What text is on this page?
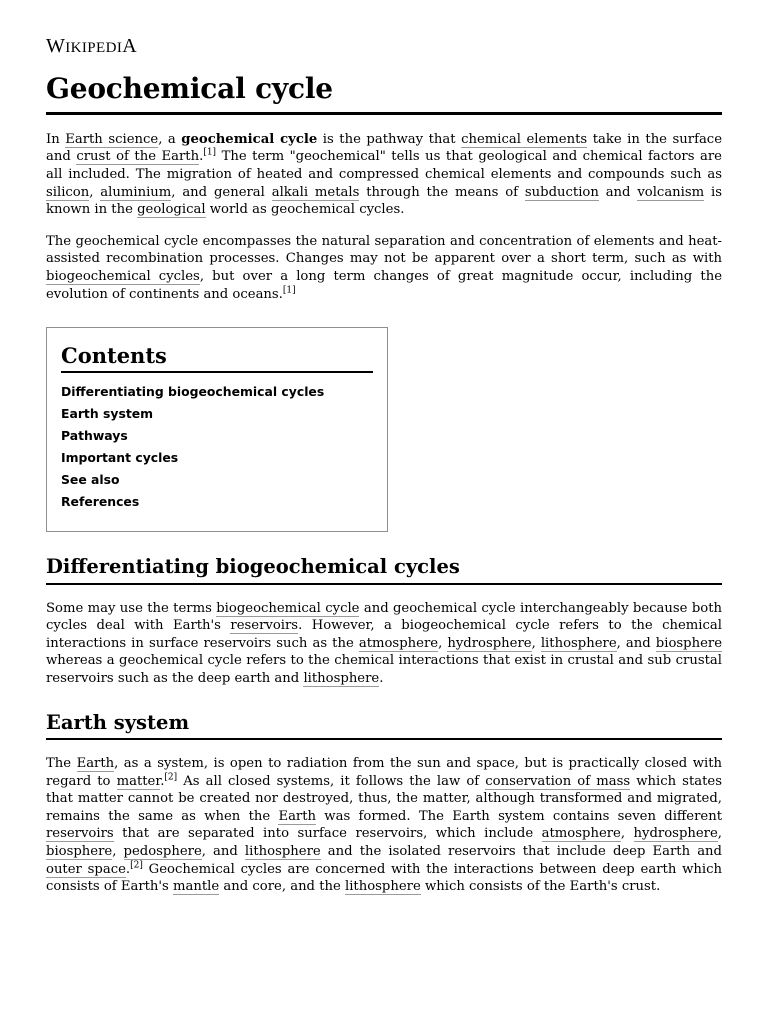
WIKIPEDIA
Geochemical cycle

In Earth science, a geochemical cycle is the pathway that chemical elements take in the surface and crust of the Earth.[1] The term "geochemical" tells us that geological and chemical factors are all included. The migration of heated and compressed chemical elements and compounds such as silicon, aluminium, and general alkali metals through the means of subduction and volcanism is known in the geological world as geochemical cycles.

The geochemical cycle encompasses the natural separation and concentration of elements and heat-assisted recombination processes. Changes may not be apparent over a short term, such as with biogeochemical cycles, but over a long term changes of great magnitude occur, including the evolution of continents and oceans.[1]

Contents
Differentiating biogeochemical cycles
Earth system
Pathways
Important cycles
See also
References
Differentiating biogeochemical cycles

Some may use the terms biogeochemical cycle and geochemical cycle interchangeably because both cycles deal with Earth's reservoirs. However, a biogeochemical cycle refers to the chemical interactions in surface reservoirs such as the atmosphere, hydrosphere, lithosphere, and biosphere whereas a geochemical cycle refers to the chemical interactions that exist in crustal and sub crustal reservoirs such as the deep earth and lithosphere.

Earth system

The Earth, as a system, is open to radiation from the sun and space, but is practically closed with regard to matter.[2] As all closed systems, it follows the law of conservation of mass which states that matter cannot be created nor destroyed, thus, the matter, although transformed and migrated, remains the same as when the Earth was formed. The Earth system contains seven different reservoirs that are separated into surface reservoirs, which include atmosphere, hydrosphere, biosphere, pedosphere, and lithosphere and the isolated reservoirs that include deep Earth and outer space.[2] Geochemical cycles are concerned with the interactions between deep earth which consists of Earth's mantle and core, and the lithosphere which consists of the Earth's crust.
